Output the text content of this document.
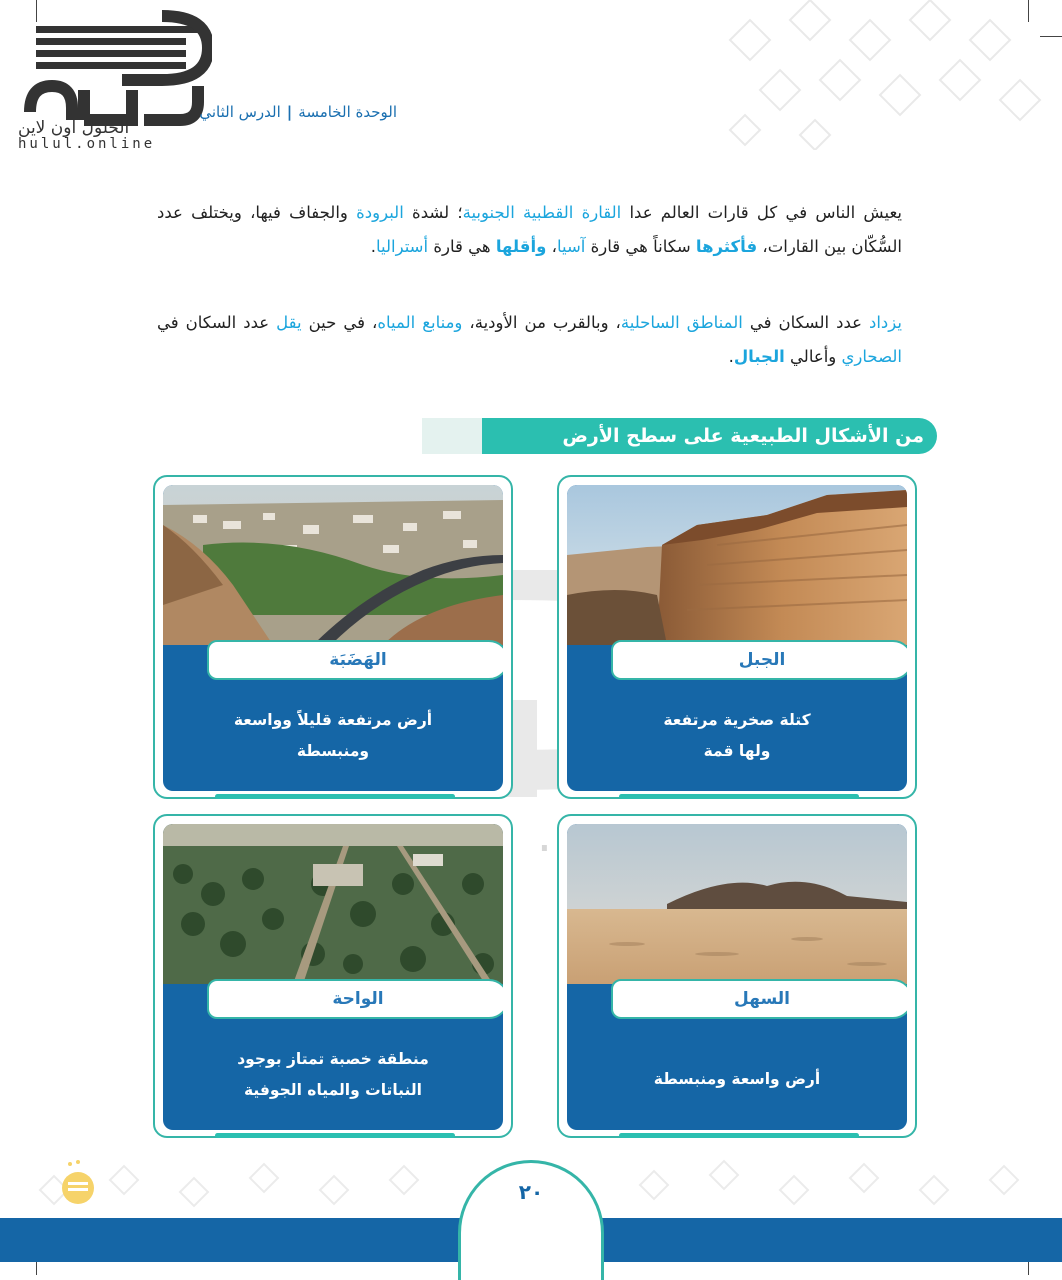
الحلول اون لاين
hulul.online
الوحدة الخامسة|الدرس الثاني

يعيش الناس في كل قارات العالم عدا القارة القطبية الجنوبية؛ لشدة البرودة والجفاف فيها، ويختلف عدد السُّكّان بين القارات، فأكثرها سكاناً هي قارة آسيا، وأقلها هي قارة أستراليا.

يزداد عدد السكان في المناطق الساحلية، وبالقرب من الأودية، ومنابع المياه، في حين يقل عدد السكان في الصحاري وأعالي الجبال.

من الأشكال الطبيعية على سطح الأرض
الجبل
كتلة صخرية مرتفعة
ولها قمة
الهَضَبَة
أرض مرتفعة قليلاً وواسعة
ومنبسطة
السهل
أرض واسعة ومنبسطة
الواحة
منطقة خصبة تمتاز بوجود
النباتات والمياه الجوفية
٢٠
